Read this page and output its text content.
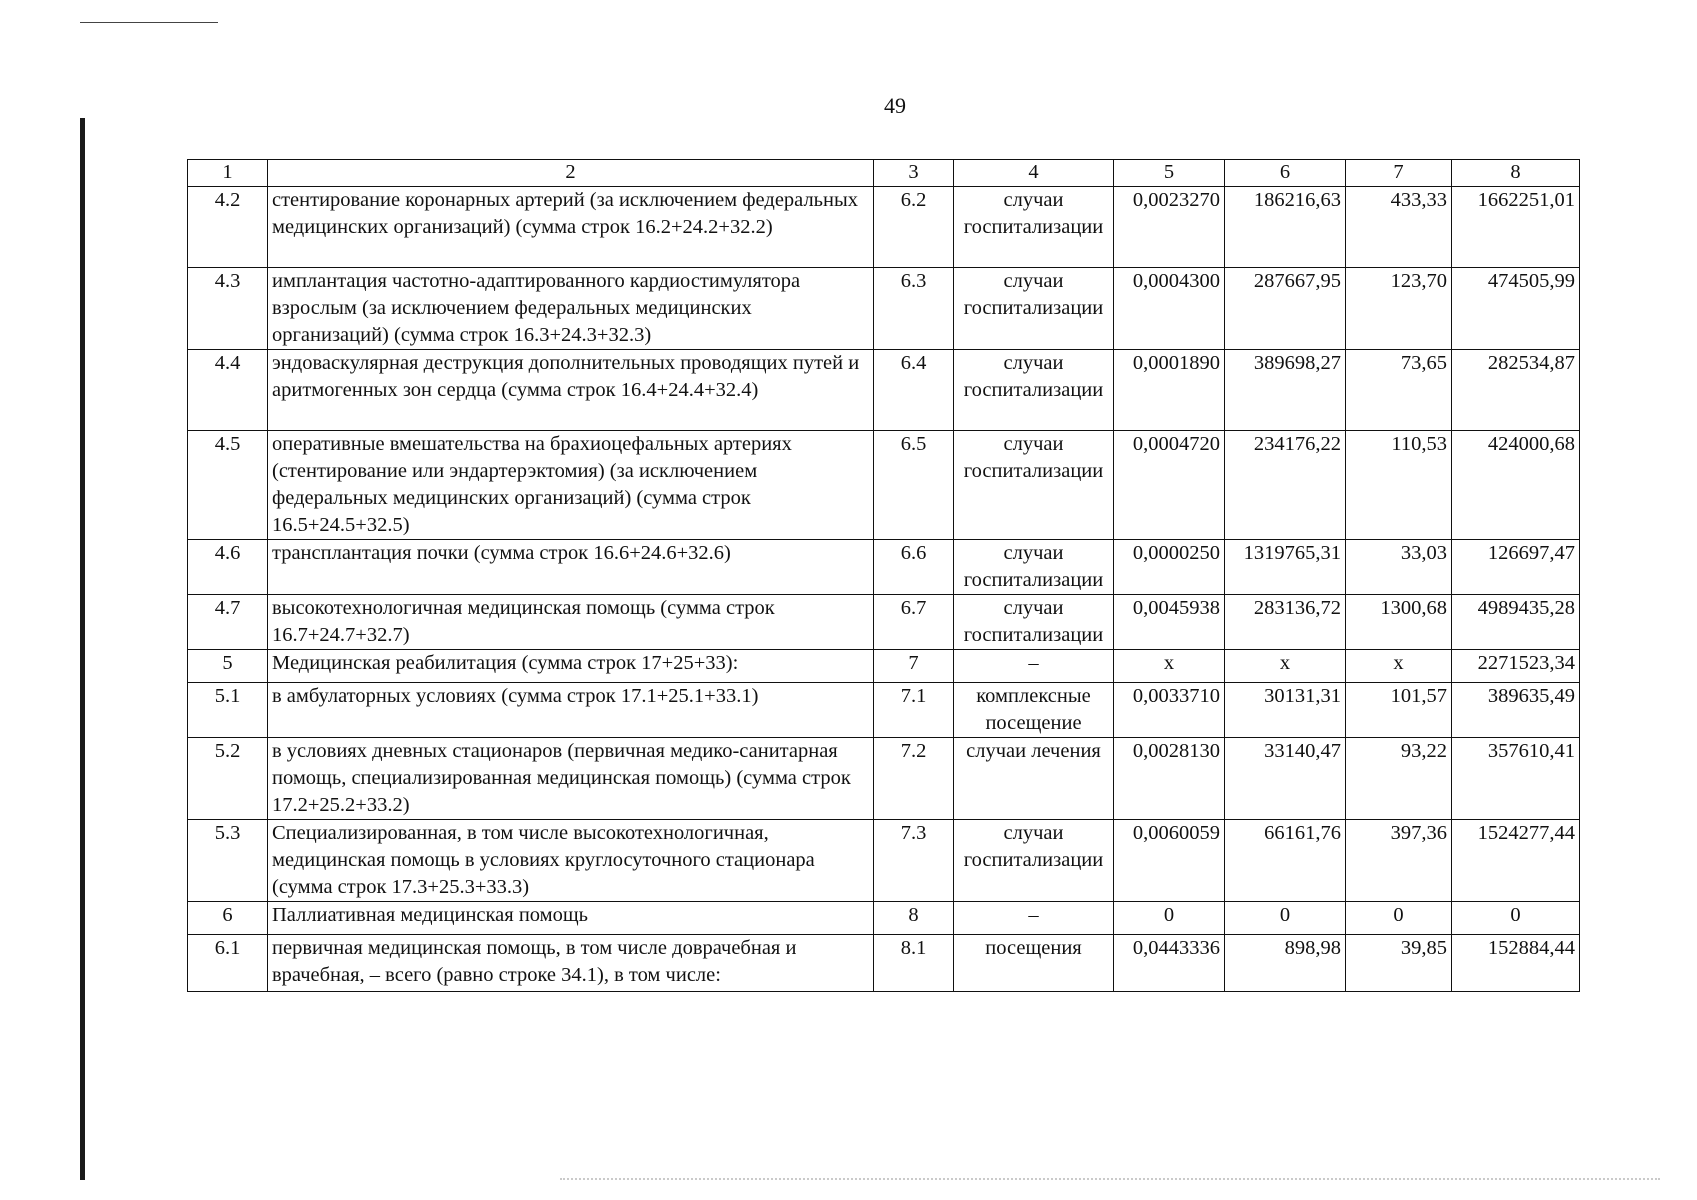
49
1	2	3	4	5	6	7	8
4.2	стентирование коронарных артерий (за исключением федеральных медицинских организаций) (сумма строк 16.2+24.2+32.2)	6.2	случаи госпитализации	0,0023270	186216,63	433,33	1662251,01
4.3	имплантация частотно-адаптированного кардиостимулятора взрослым (за исключением федеральных медицинских организаций) (сумма строк 16.3+24.3+32.3)	6.3	случаи госпитализации	0,0004300	287667,95	123,70	474505,99
4.4	эндоваскулярная деструкция дополнительных проводящих путей и аритмогенных зон сердца (сумма строк 16.4+24.4+32.4)	6.4	случаи госпитализации	0,0001890	389698,27	73,65	282534,87
4.5	оперативные вмешательства на брахиоцефальных артериях (стентирование или эндартерэктомия) (за исключением федеральных медицинских организаций) (сумма строк 16.5+24.5+32.5)	6.5	случаи госпитализации	0,0004720	234176,22	110,53	424000,68
4.6	трансплантация почки (сумма строк 16.6+24.6+32.6)	6.6	случаи госпитализации	0,0000250	1319765,31	33,03	126697,47
4.7	высокотехнологичная медицинская помощь (сумма строк 16.7+24.7+32.7)	6.7	случаи госпитализации	0,0045938	283136,72	1300,68	4989435,28
5	Медицинская реабилитация (сумма строк 17+25+33):	7	–	x	x	x	2271523,34
5.1	в амбулаторных условиях (сумма строк 17.1+25.1+33.1)	7.1	комплексные посещение	0,0033710	30131,31	101,57	389635,49
5.2	в условиях дневных стационаров (первичная медико-санитарная помощь, специализированная медицинская помощь) (сумма строк 17.2+25.2+33.2)	7.2	случаи лечения	0,0028130	33140,47	93,22	357610,41
5.3	Специализированная, в том числе высокотехнологичная, медицинская помощь в условиях круглосуточного стационара (сумма строк 17.3+25.3+33.3)	7.3	случаи госпитализации	0,0060059	66161,76	397,36	1524277,44
6	Паллиативная медицинская помощь	8	–	0	0	0	0
6.1	первичная медицинская помощь, в том числе доврачебная и врачебная, – всего (равно строке 34.1), в том числе:	8.1	посещения	0,0443336	898,98	39,85	152884,44
